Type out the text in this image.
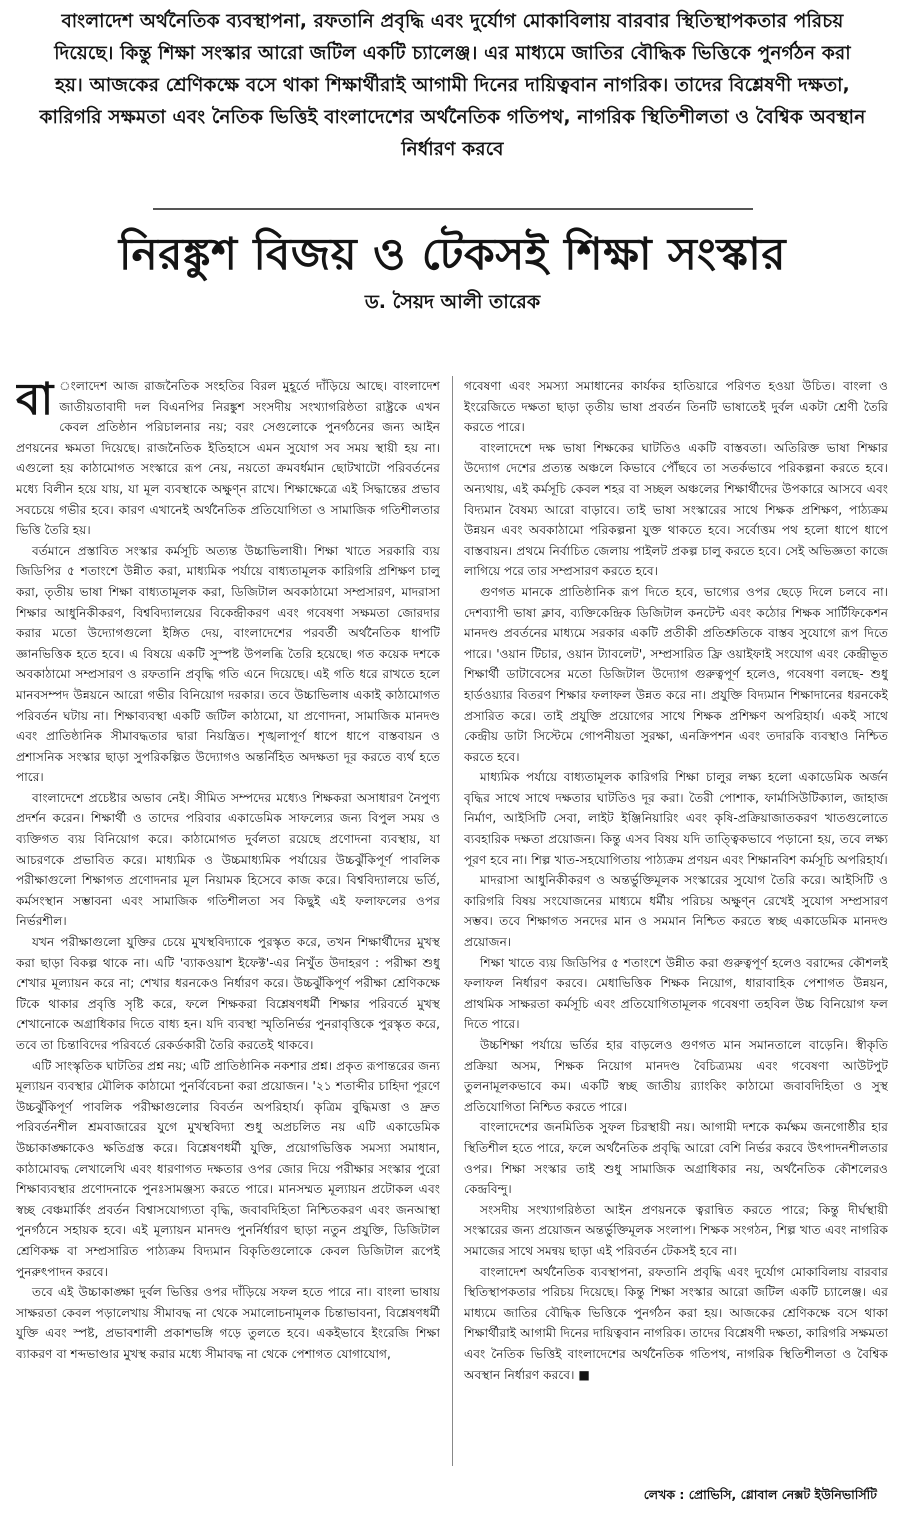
বাংলাদেশ অর্থনৈতিক ব্যবস্থাপনা, রফতানি প্রবৃদ্ধি এবং দুর্যোগ মোকাবিলায় বারবার স্থিতিস্থাপকতার পরিচয় দিয়েছে। কিন্তু শিক্ষা সংস্কার আরো জটিল একটি চ্যালেঞ্জ। এর মাধ্যমে জাতির বৌদ্ধিক ভিত্তিকে পুনর্গঠন করা হয়। আজকের শ্রেণিকক্ষে বসে থাকা শিক্ষার্থীরাই আগামী দিনের দায়িত্ববান নাগরিক। তাদের বিশ্লেষণী দক্ষতা, কারিগরি সক্ষমতা এবং নৈতিক ভিত্তিই বাংলাদেশের অর্থনৈতিক গতিপথ, নাগরিক স্থিতিশীলতা ও বৈশ্বিক অবস্থান নির্ধারণ করবে
নিরঙ্কুশ বিজয় ও টেকসই শিক্ষা সংস্কার
ড. সৈয়দ আলী তারেক

বা ংলাদেশ আজ রাজনৈতিক সংহতির বিরল মুহূর্তে দাঁড়িয়ে আছে। বাংলাদেশ জাতীয়তাবাদী দল বিএনপির নিরঙ্কুশ সংসদীয় সংখ্যাগরিষ্ঠতা রাষ্ট্রকে এখন কেবল প্রতিষ্ঠান পরিচালনার নয়; বরং সেগুলোকে পুনর্গঠনের জন্য আইন প্রণয়নের ক্ষমতা দিয়েছে। রাজনৈতিক ইতিহাসে এমন সুযোগ সব সময় স্থায়ী হয় না। এগুলো হয় কাঠামোগত সংস্কারে রূপ নেয়, নয়তো ক্রমবর্ধমান ছোটখাটো পরিবর্তনের মধ্যে বিলীন হয়ে যায়, যা মূল ব্যবস্থাকে অক্ষুণ্ন রাখে। শিক্ষাক্ষেত্রে এই সিদ্ধান্তের প্রভাব সবচেয়ে গভীর হবে। কারণ এখানেই অর্থনৈতিক প্রতিযোগিতা ও সামাজিক গতিশীলতার ভিত্তি তৈরি হয়।

বর্তমানে প্রস্তাবিত সংস্কার কর্মসূচি অত্যন্ত উচ্চাভিলাষী। শিক্ষা খাতে সরকারি ব্যয় জিডিপির ৫ শতাংশে উন্নীত করা, মাধ্যমিক পর্যায়ে বাধ্যতামূলক কারিগরি প্রশিক্ষণ চালু করা, তৃতীয় ভাষা শিক্ষা বাধ্যতামূলক করা, ডিজিটাল অবকাঠামো সম্প্রসারণ, মাদরাসা শিক্ষার আধুনিকীকরণ, বিশ্ববিদ্যালয়ের বিকেন্দ্রীকরণ এবং গবেষণা সক্ষমতা জোরদার করার মতো উদ্যোগগুলো ইঙ্গিত দেয়, বাংলাদেশের পরবর্তী অর্থনৈতিক ধাপটি জ্ঞানভিত্তিক হতে হবে। এ বিষয়ে একটি সুস্পষ্ট উপলব্ধি তৈরি হয়েছে। গত কয়েক দশকে অবকাঠামো সম্প্রসারণ ও রফতানি প্রবৃদ্ধি গতি এনে দিয়েছে। এই গতি ধরে রাখতে হলে মানবসম্পদ উন্নয়নে আরো গভীর বিনিয়োগ দরকার। তবে উচ্চাভিলাষ একাই কাঠামোগত পরিবর্তন ঘটায় না। শিক্ষাব্যবস্থা একটি জটিল কাঠামো, যা প্রণোদনা, সামাজিক মানদণ্ড এবং প্রাতিষ্ঠানিক সীমাবদ্ধতার দ্বারা নিয়ন্ত্রিত। শৃঙ্খলাপূর্ণ ধাপে ধাপে বাস্তবায়ন ও প্রশাসনিক সংস্কার ছাড়া সুপরিকল্পিত উদ্যোগও অন্তর্নিহিত অদক্ষতা দূর করতে ব্যর্থ হতে পারে।

বাংলাদেশে প্রচেষ্টার অভাব নেই। সীমিত সম্পদের মধ্যেও শিক্ষকরা অসাধারণ নৈপুণ্য প্রদর্শন করেন। শিক্ষার্থী ও তাদের পরিবার একাডেমিক সাফল্যের জন্য বিপুল সময় ও ব্যক্তিগত ব্যয় বিনিয়োগ করে। কাঠামোগত দুর্বলতা রয়েছে প্রণোদনা ব্যবস্থায়, যা আচরণকে প্রভাবিত করে। মাধ্যমিক ও উচ্চমাধ্যমিক পর্যায়ের উচ্চঝুঁকিপূর্ণ পাবলিক পরীক্ষাগুলো শিক্ষাগত প্রণোদনার মূল নিয়ামক হিসেবে কাজ করে। বিশ্ববিদ্যালয়ে ভর্তি, কর্মসংস্থান সম্ভাবনা এবং সামাজিক গতিশীলতা সব কিছুই এই ফলাফলের ওপর নির্ভরশীল।

যখন পরীক্ষাগুলো যুক্তির চেয়ে মুখস্থবিদ্যাকে পুরস্কৃত করে, তখন শিক্ষার্থীদের মুখস্থ করা ছাড়া বিকল্প থাকে না। এটি 'ব্যাকওয়াশ ইফেক্ট'-এর নিখুঁত উদাহরণ : পরীক্ষা শুধু শেখার মূল্যায়ন করে না; শেখার ধরনকেও নির্ধারণ করে। উচ্চঝুঁকিপূর্ণ পরীক্ষা শ্রেণিকক্ষে টিকে থাকার প্রবৃত্তি সৃষ্টি করে, ফলে শিক্ষকরা বিশ্লেষণধর্মী শিক্ষার পরিবর্তে মুখস্থ শেখানোকে অগ্রাধিকার দিতে বাধ্য হন। যদি ব্যবস্থা স্মৃতিনির্ভর পুনরাবৃত্তিকে পুরস্কৃত করে, তবে তা চিন্তাবিদের পরিবর্তে রেকর্ডকারী তৈরি করতেই থাকবে।

এটি সাংস্কৃতিক ঘাটতির প্রশ্ন নয়; এটি প্রাতিষ্ঠানিক নকশার প্রশ্ন। প্রকৃত রূপান্তরের জন্য মূল্যায়ন ব্যবস্থার মৌলিক কাঠামো পুনর্বিবেচনা করা প্রয়োজন। '২১ শতাব্দীর চাহিদা পূরণে উচ্চঝুঁকিপূর্ণ পাবলিক পরীক্ষাগুলোর বিবর্তন অপরিহার্য। কৃত্রিম বুদ্ধিমত্তা ও দ্রুত পরিবর্তনশীল শ্রমবাজারের যুগে মুখস্থবিদ্যা শুধু অপ্রচলিত নয় এটি একাডেমিক উচ্চাকাঙ্ক্ষাকেও ক্ষতিগ্রস্ত করে। বিশ্লেষণধর্মী যুক্তি, প্রয়োগভিত্তিক সমস্যা সমাধান, কাঠামোবদ্ধ লেখালেখি এবং ধারণাগত দক্ষতার ওপর জোর দিয়ে পরীক্ষার সংস্কার পুরো শিক্ষাব্যবস্থার প্রণোদনাকে পুনঃসামঞ্জস্য করতে পারে। মানসম্মত মূল্যায়ন প্রটোকল এবং স্বচ্ছ বেঞ্চমার্কিং প্রবর্তন বিশ্বাসযোগ্যতা বৃদ্ধি, জবাবদিহিতা নিশ্চিতকরণ এবং জনআস্থা পুনর্গঠনে সহায়ক হবে। এই মূল্যায়ন মানদণ্ড পুনর্নির্ধারণ ছাড়া নতুন প্রযুক্তি, ডিজিটাল শ্রেণিকক্ষ বা সম্প্রসারিত পাঠ্যক্রম বিদ্যমান বিকৃতিগুলোকে কেবল ডিজিটাল রূপেই পুনরুৎপাদন করবে।

তবে এই উচ্চাকাঙ্ক্ষা দুর্বল ভিত্তির ওপর দাঁড়িয়ে সফল হতে পারে না। বাংলা ভাষায় সাক্ষরতা কেবল পড়ালেখায় সীমাবদ্ধ না থেকে সমালোচনামূলক চিন্তাভাবনা, বিশ্লেষণধর্মী যুক্তি এবং স্পষ্ট, প্রভাবশালী প্রকাশভঙ্গি গড়ে তুলতে হবে। একইভাবে ইংরেজি শিক্ষা ব্যাকরণ বা শব্দভাণ্ডার মুখস্থ করার মধ্যে সীমাবদ্ধ না থেকে পেশাগত যোগাযোগ,

গবেষণা এবং সমস্যা সমাধানের কার্যকর হাতিয়ারে পরিণত হওয়া উচিত। বাংলা ও ইংরেজিতে দক্ষতা ছাড়া তৃতীয় ভাষা প্রবর্তন তিনটি ভাষাতেই দুর্বল একটা শ্রেণী তৈরি করতে পারে।

বাংলাদেশে দক্ষ ভাষা শিক্ষকের ঘাটতিও একটি বাস্তবতা। অতিরিক্ত ভাষা শিক্ষার উদ্যোগ দেশের প্রত্যন্ত অঞ্চলে কিভাবে পৌঁছবে তা সতর্কভাবে পরিকল্পনা করতে হবে। অন্যথায়, এই কর্মসূচি কেবল শহর বা সচ্ছল অঞ্চলের শিক্ষার্থীদের উপকারে আসবে এবং বিদ্যমান বৈষম্য আরো বাড়াবে। তাই ভাষা সংস্কারের সাথে শিক্ষক প্রশিক্ষণ, পাঠ্যক্রম উন্নয়ন এবং অবকাঠামো পরিকল্পনা যুক্ত থাকতে হবে। সর্বোত্তম পথ হলো ধাপে ধাপে বাস্তবায়ন। প্রথমে নির্বাচিত জেলায় পাইলট প্রকল্প চালু করতে হবে। সেই অভিজ্ঞতা কাজে লাগিয়ে পরে তার সম্প্রসারণ করতে হবে।

গুণগত মানকে প্রাতিষ্ঠানিক রূপ দিতে হবে, ভাগ্যের ওপর ছেড়ে দিলে চলবে না। দেশব্যাপী ভাষা ক্লাব, ব্যক্তিকেন্দ্রিক ডিজিটাল কনটেন্ট এবং কঠোর শিক্ষক সার্টিফিকেশন মানদণ্ড প্রবর্তনের মাধ্যমে সরকার একটি প্রতীকী প্রতিশ্রুতিকে বাস্তব সুযোগে রূপ দিতে পারে। 'ওয়ান টিচার, ওয়ান ট্যাবলেট', সম্প্রসারিত ফ্রি ওয়াইফাই সংযোগ এবং কেন্দ্রীভূত শিক্ষার্থী ডাটাবেসের মতো ডিজিটাল উদ্যোগ গুরুত্বপূর্ণ হলেও, গবেষণা বলছে- শুধু হার্ডওয়্যার বিতরণ শিক্ষার ফলাফল উন্নত করে না। প্রযুক্তি বিদ্যমান শিক্ষাদানের ধরনকেই প্রসারিত করে। তাই প্রযুক্তি প্রয়োগের সাথে শিক্ষক প্রশিক্ষণ অপরিহার্য। একই সাথে কেন্দ্রীয় ডাটা সিস্টেমে গোপনীয়তা সুরক্ষা, এনক্রিপশন এবং তদারকি ব্যবস্থাও নিশ্চিত করতে হবে।

মাধ্যমিক পর্যায়ে বাধ্যতামূলক কারিগরি শিক্ষা চালুর লক্ষ্য হলো একাডেমিক অর্জন বৃদ্ধির সাথে সাথে দক্ষতার ঘাটতিও দূর করা। তৈরী পোশাক, ফার্মাসিউটিক্যাল, জাহাজ নির্মাণ, আইসিটি সেবা, লাইট ইঞ্জিনিয়ারিং এবং কৃষি-প্রক্রিয়াজাতকরণ খাতগুলোতে ব্যবহারিক দক্ষতা প্রয়োজন। কিন্তু এসব বিষয় যদি তাত্ত্বিকভাবে পড়ানো হয়, তবে লক্ষ্য পূরণ হবে না। শিল্প খাত-সহযোগিতায় পাঠ্যক্রম প্রণয়ন এবং শিক্ষানবিশ কর্মসূচি অপরিহার্য।

মাদরাসা আধুনিকীকরণ ও অন্তর্ভুক্তিমূলক সংস্কারের সুযোগ তৈরি করে। আইসিটি ও কারিগরি বিষয় সংযোজনের মাধ্যমে ধর্মীয় পরিচয় অক্ষুণ্ন রেখেই সুযোগ সম্প্রসারণ সম্ভব। তবে শিক্ষাগত সনদের মান ও সমমান নিশ্চিত করতে স্বচ্ছ একাডেমিক মানদণ্ড প্রয়োজন।

শিক্ষা খাতে ব্যয় জিডিপির ৫ শতাংশে উন্নীত করা গুরুত্বপূর্ণ হলেও বরাদ্দের কৌশলই ফলাফল নির্ধারণ করবে। মেধাভিত্তিক শিক্ষক নিয়োগ, ধারাবাহিক পেশাগত উন্নয়ন, প্রাথমিক সাক্ষরতা কর্মসূচি এবং প্রতিযোগিতামূলক গবেষণা তহবিল উচ্চ বিনিয়োগ ফল দিতে পারে।

উচ্চশিক্ষা পর্যায়ে ভর্তির হার বাড়লেও গুণগত মান সমানতালে বাড়েনি। স্বীকৃতি প্রক্রিয়া অসম, শিক্ষক নিয়োগ মানদণ্ড বৈচিত্র্যময় এবং গবেষণা আউটপুট তুলনামূলকভাবে কম। একটি স্বচ্ছ জাতীয় র‍্যাংকিং কাঠামো জবাবদিহিতা ও সুস্থ প্রতিযোগিতা নিশ্চিত করতে পারে।

বাংলাদেশের জনমিতিক সুফল চিরস্থায়ী নয়। আগামী দশকে কর্মক্ষম জনগোষ্ঠীর হার স্থিতিশীল হতে পারে, ফলে অর্থনৈতিক প্রবৃদ্ধি আরো বেশি নির্ভর করবে উৎপাদনশীলতার ওপর। শিক্ষা সংস্কার তাই শুধু সামাজিক অগ্রাধিকার নয়, অর্থনৈতিক কৌশলেরও কেন্দ্রবিন্দু।

সংসদীয় সংখ্যাগরিষ্ঠতা আইন প্রণয়নকে ত্বরান্বিত করতে পারে; কিন্তু দীর্ঘস্থায়ী সংস্কারের জন্য প্রয়োজন অন্তর্ভুক্তিমূলক সংলাপ। শিক্ষক সংগঠন, শিল্প খাত এবং নাগরিক সমাজের সাথে সমন্বয় ছাড়া এই পরিবর্তন টেকসই হবে না।

বাংলাদেশ অর্থনৈতিক ব্যবস্থাপনা, রফতানি প্রবৃদ্ধি এবং দুর্যোগ মোকাবিলায় বারবার স্থিতিস্থাপকতার পরিচয় দিয়েছে। কিন্তু শিক্ষা সংস্কার আরো জটিল একটি চ্যালেঞ্জ। এর মাধ্যমে জাতির বৌদ্ধিক ভিত্তিকে পুনর্গঠন করা হয়। আজকের শ্রেণিকক্ষে বসে থাকা শিক্ষার্থীরাই আগামী দিনের দায়িত্ববান নাগরিক। তাদের বিশ্লেষণী দক্ষতা, কারিগরি সক্ষমতা এবং নৈতিক ভিত্তিই বাংলাদেশের অর্থনৈতিক গতিপথ, নাগরিক স্থিতিশীলতা ও বৈশ্বিক অবস্থান নির্ধারণ করবে। ■

লেখক : প্রোভিসি, গ্লোবাল নেক্সট ইউনিভার্সিটি
